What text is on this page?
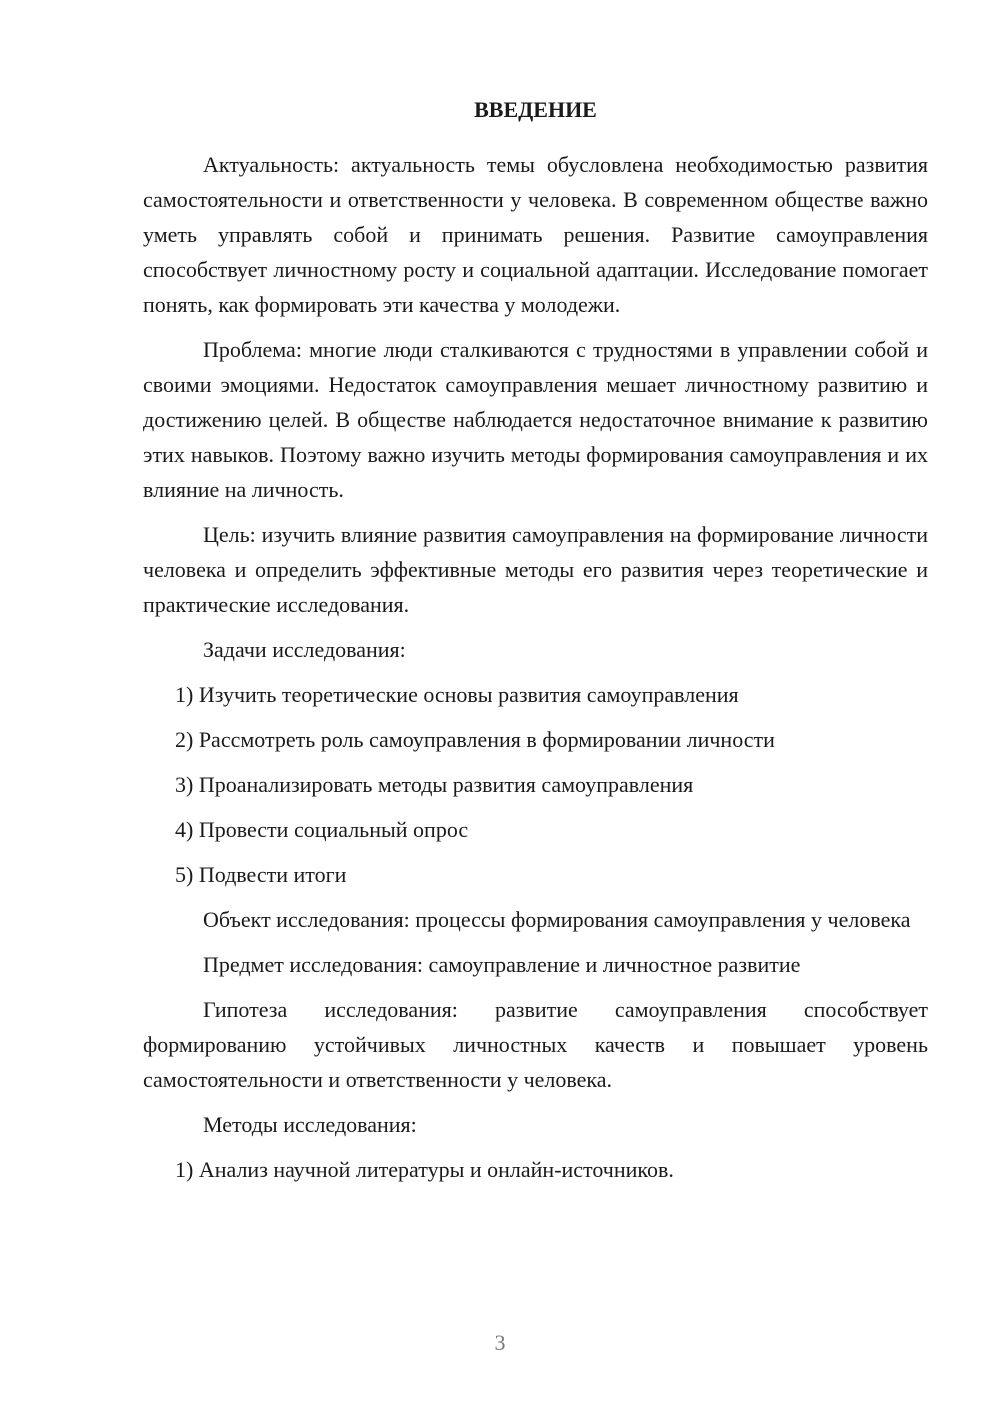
ВВЕДЕНИЕ

Актуальность: актуальность темы обусловлена необходимостью развития самостоятельности и ответственности у человека. В современном обществе важно уметь управлять собой и принимать решения. Развитие самоуправления способствует личностному росту и социальной адаптации. Исследование помогает понять, как формировать эти качества у молодежи.

Проблема: многие люди сталкиваются с трудностями в управлении собой и своими эмоциями. Недостаток самоуправления мешает личностному развитию и достижению целей. В обществе наблюдается недостаточное внимание к развитию этих навыков. Поэтому важно изучить методы формирования самоуправления и их влияние на личность.

Цель: изучить влияние развития самоуправления на формирование личности человека и определить эффективные методы его развития через теоретические и практические исследования.

Задачи исследования:

1) Изучить теоретические основы развития самоуправления

2) Рассмотреть роль самоуправления в формировании личности

3) Проанализировать методы развития самоуправления

4) Провести социальный опрос

5) Подвести итоги

Объект исследования: процессы формирования самоуправления у человека

Предмет исследования: самоуправление и личностное развитие

Гипотеза исследования: развитие самоуправления способствует формированию устойчивых личностных качеств и повышает уровень самостоятельности и ответственности у человека.

Методы исследования:

1) Анализ научной литературы и онлайн-источников.

3
